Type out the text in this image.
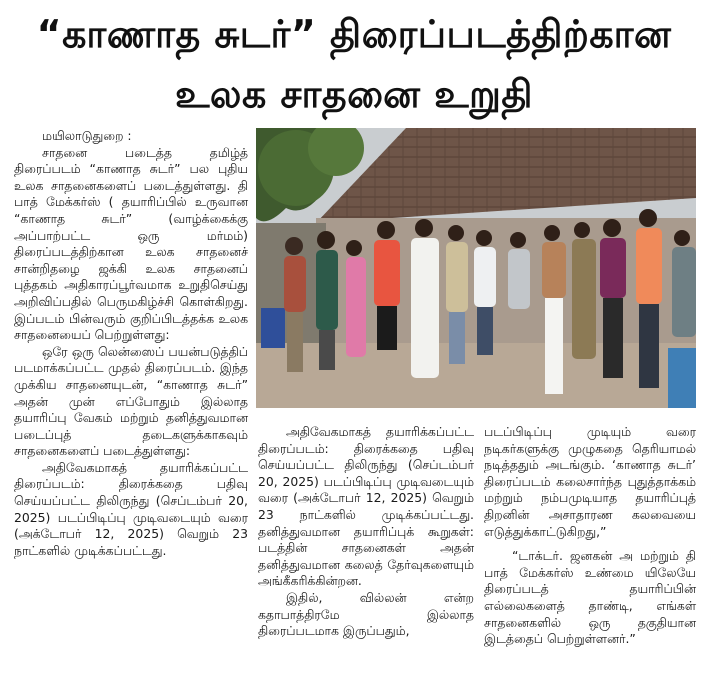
“காணாத சுடர்” திரைப்படத்திற்கான
உலக சாதனை உறுதி

மயிலாடுதுறை :

சாதனை படைத்த தமிழ்த் திரைப்படம் “காணாத சுடர்” பல புதிய உலக சாதனைகளைப் படைத்துள்ளது. தி பாத் மேக்கர்ஸ் ( தயாரிப்பில் உருவான “காணாத சுடர்” (வாழ்க்கைக்கு அப்பாற்பட்ட ஒரு மர்மம்) திரைப்படத்திற்கான உலக சாதனைச் சான்றிதழை ஜக்கி உலக சாதனைப் புத்தகம் அதிகாரப்பூர்வமாக உறுதிசெய்து அறிவிப்பதில் பெருமகிழ்ச்சி கொள்கிறது. இப்படம் பின்வரும் குறிப்பிடத்தக்க உலக சாதனையைப் பெற்றுள்ளது:

ஒரே ஒரு லென்ஸைப் பயன்படுத்திப் படமாக்கப்பட்ட முதல் திரைப்படம். இந்த முக்கிய சாதனையுடன், “காணாத சுடர்” அதன் முன் எப்போதும் இல்லாத தயாரிப்பு வேகம் மற்றும் தனித்துவமான படைப்புத் தடைகளுக்காகவும் சாதனைகளைப் படைத்துள்ளது:

அதிவேகமாகத் தயாரிக்கப்பட்ட திரைப்படம்: திரைக்கதை பதிவு செய்யப்பட்ட திலிருந்து (செப்டம்பர் 20, 2025) படப்பிடிப்பு முடிவடையும் வரை (அக்டோபர் 12, 2025) வெறும் 23 நாட்களில் முடிக்கப்பட்டது.

அதிவேகமாகத் தயாரிக்கப்பட்ட திரைப்படம்: திரைக்கதை பதிவு செய்யப்பட்ட திலிருந்து (செப்டம்பர் 20, 2025) படப்பிடிப்பு முடிவடையும் வரை (அக்டோபர் 12, 2025) வெறும் 23 நாட்களில் முடிக்கப்பட்டது. தனித்துவமான தயாரிப்புக் கூறுகள்: படத்தின் சாதனைகள் அதன் தனித்துவமான கலைத் தேர்வுகளையும் அங்கீகரிக்கின்றன.

இதில், வில்லன் என்ற கதாபாத்திரமே இல்லாத திரைப்படமாக இருப்பதும்,

படப்பிடிப்பு முடியும் வரை நடிகர்களுக்கு முழுகதை தெரியாமல் நடித்ததும் அடங்கும். ‘காணாத சுடர்’ திரைப்படம் கலைசார்ந்த புதுத்தாக்கம் மற்றும் நம்பமுடியாத தயாரிப்புத் திறனின் அசாதாரண கலவையை எடுத்துக்காட்டுகிறது,”

“டாக்டர். ஜனகன் அ மற்றும் தி பாத் மேக்கர்ஸ் உண்மை யிலேயே திரைப்படத் தயாரிப்பின் எல்லைகளைத் தாண்டி, எங்கள் சாதனைகளில் ஒரு தகுதியான இடத்தைப் பெற்றுள்ளனர்.”
